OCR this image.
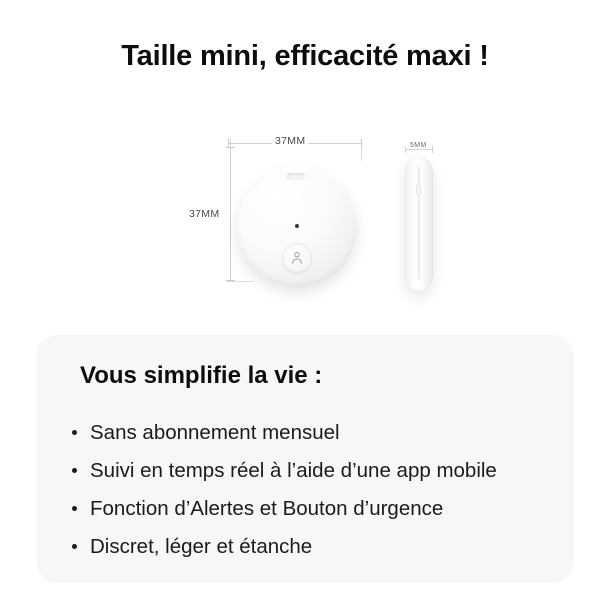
Taille mini, efficacité maxi !
37MM
37MM
5MM
Vous simplifie la vie :
Sans abonnement mensuel
Suivi en temps réel à l’aide d’une app mobile
Fonction d’Alertes et Bouton d’urgence
Discret, léger et étanche
